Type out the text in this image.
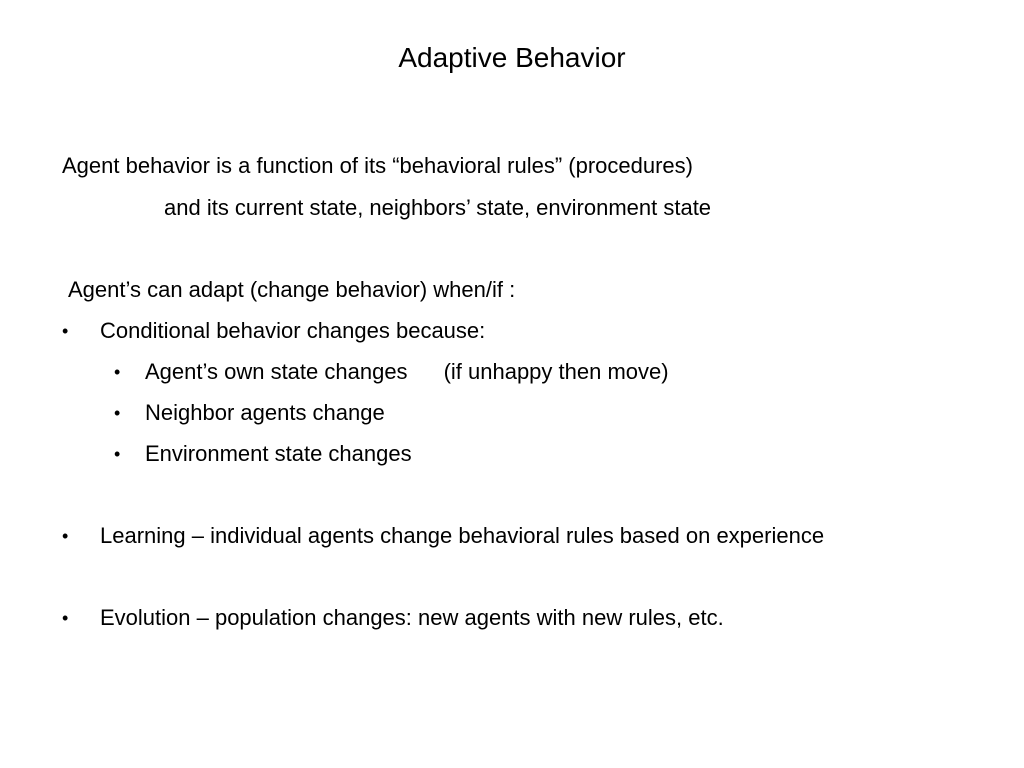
Adaptive Behavior
Agent behavior is a function of its “behavioral rules” (procedures)
and its current state, neighbors’ state, environment state
Agent’s can adapt (change behavior) when/if :
• Conditional behavior changes because:
• Agent’s own state changes (if unhappy then move)
• Neighbor agents change
• Environment state changes
• Learning – individual agents change behavioral rules based on experience
• Evolution – population changes: new agents with new rules, etc.
